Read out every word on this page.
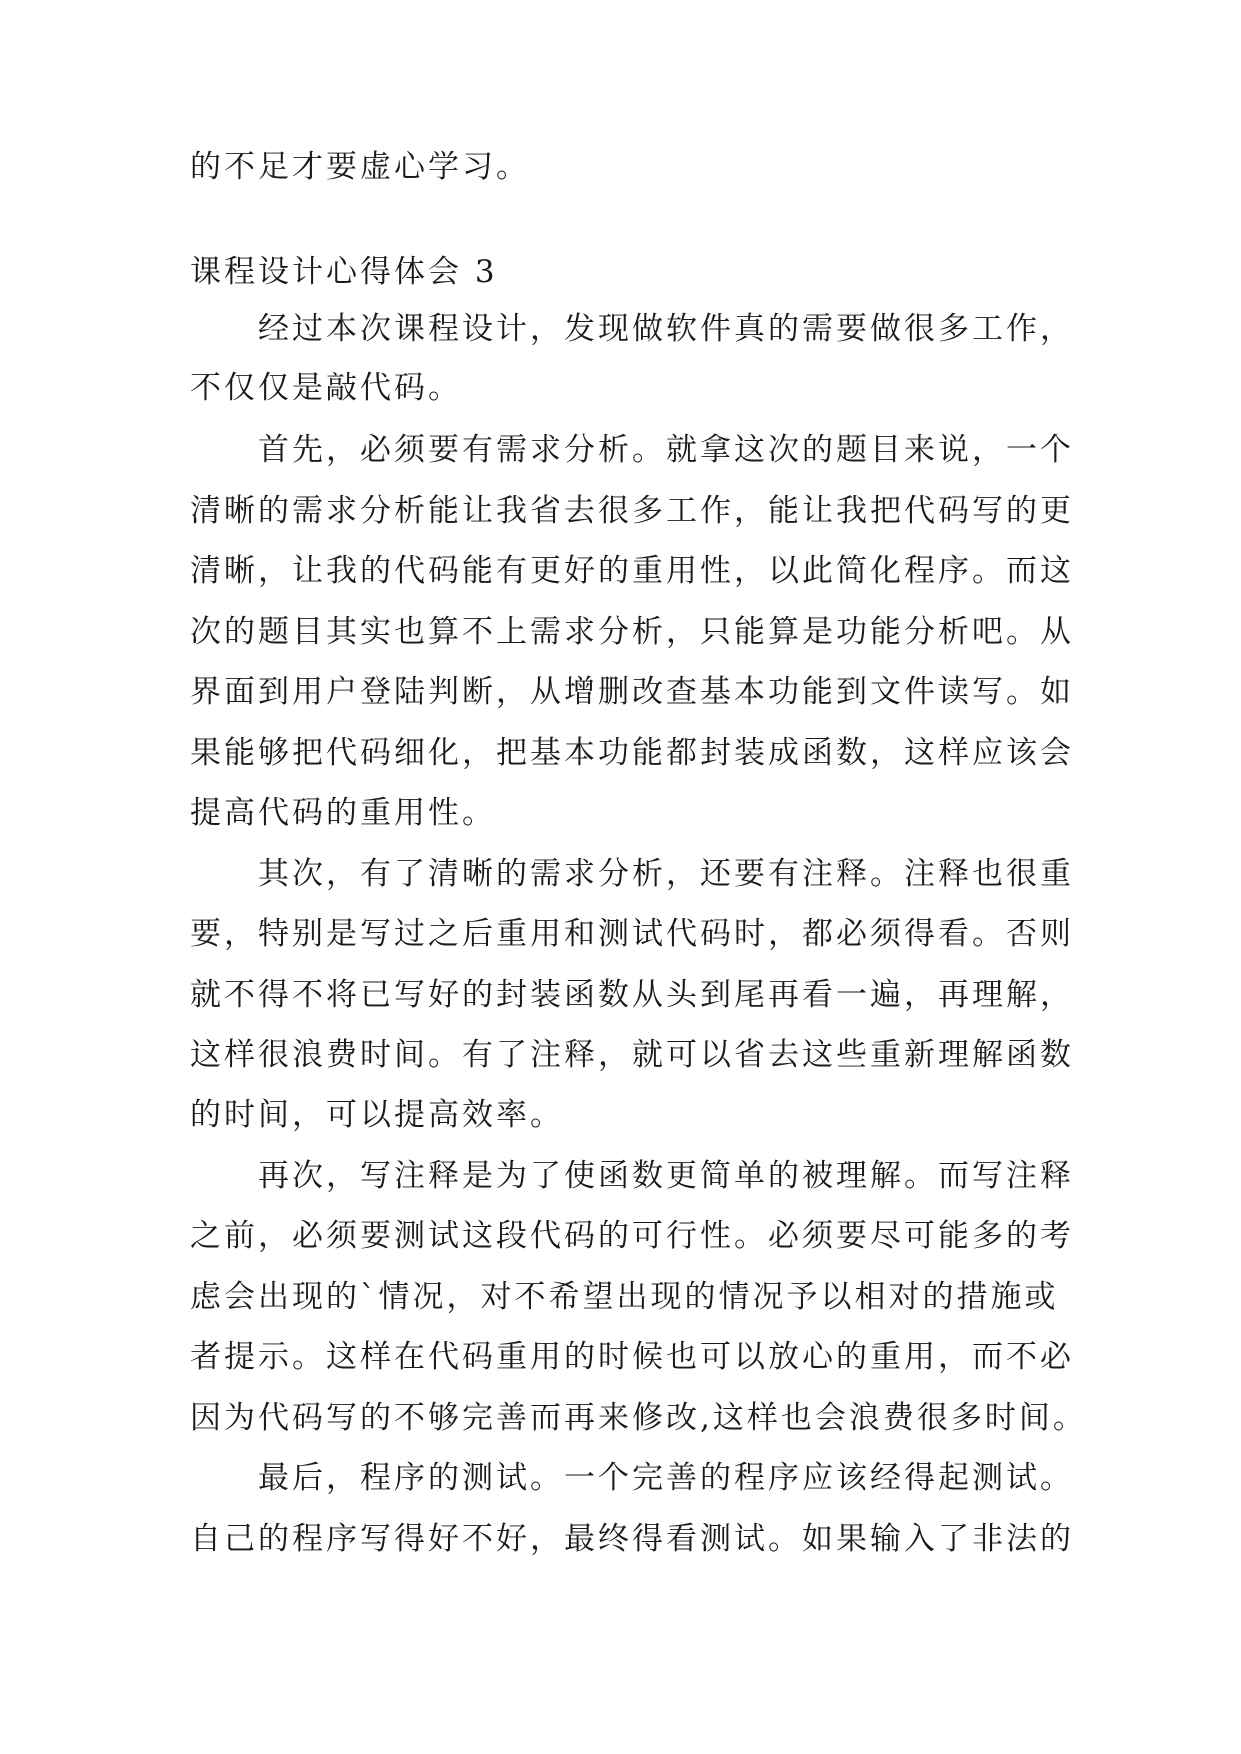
的不足才要虚心学习。
课程设计心得体会 3
经过本次课程设计，发现做软件真的需要做很多工作，
不仅仅是敲代码。
首先，必须要有需求分析。就拿这次的题目来说，一个
清晰的需求分析能让我省去很多工作，能让我把代码写的更
清晰，让我的代码能有更好的重用性，以此简化程序。而这
次的题目其实也算不上需求分析，只能算是功能分析吧。从
界面到用户登陆判断，从增删改查基本功能到文件读写。如
果能够把代码细化，把基本功能都封装成函数，这样应该会
提高代码的重用性。
其次，有了清晰的需求分析，还要有注释。注释也很重
要，特别是写过之后重用和测试代码时，都必须得看。否则
就不得不将已写好的封装函数从头到尾再看一遍，再理解，
这样很浪费时间。有了注释，就可以省去这些重新理解函数
的时间，可以提高效率。
再次，写注释是为了使函数更简单的被理解。而写注释
之前，必须要测试这段代码的可行性。必须要尽可能多的考
虑会出现的`情况，对不希望出现的情况予以相对的措施或
者提示。这样在代码重用的时候也可以放心的重用，而不必
因为代码写的不够完善而再来修改,这样也会浪费很多时间。
最后，程序的测试。一个完善的程序应该经得起测试。
自己的程序写得好不好，最终得看测试。如果输入了非法的
